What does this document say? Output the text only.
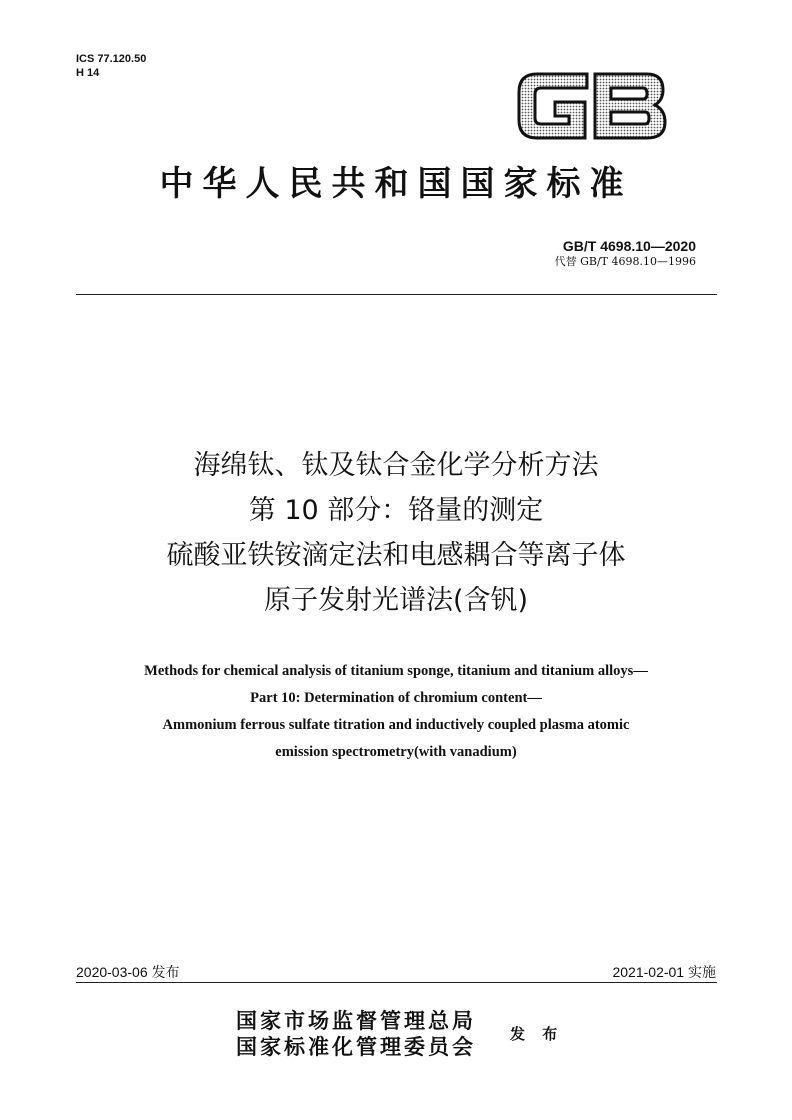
ICS 77.120.50
H 14
中华人民共和国国家标准
GB/T 4698.10—2020
代替 GB/T 4698.10—1996
海绵钛、钛及钛合金化学分析方法
第 10 部分：铬量的测定
硫酸亚铁铵滴定法和电感耦合等离子体
原子发射光谱法(含钒)
Methods for chemical analysis of titanium sponge, titanium and titanium alloys—
Part 10: Determination of chromium content—
Ammonium ferrous sulfate titration and inductively coupled plasma atomic
emission spectrometry(with vanadium)
2020-03-06 发布	2021-02-01 实施
国家市场监督管理总局
国家标准化管理委员会
发 布
